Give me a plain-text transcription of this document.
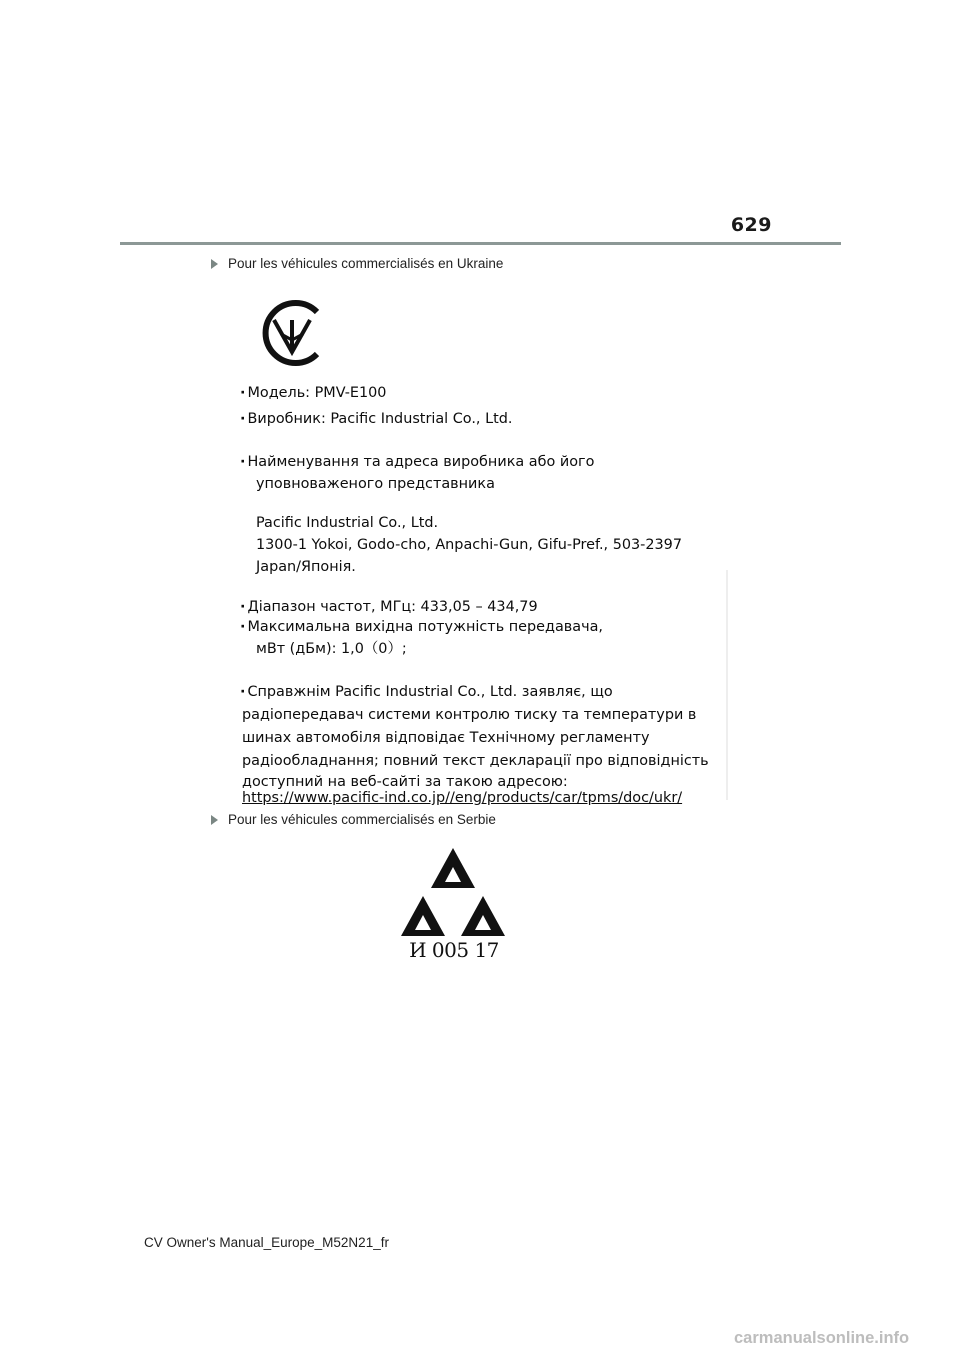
629
Pour les véhicules commercialisés en Ukraine
· Модель: PMV-E100
· Виробник: Pacific Industrial Co., Ltd.
· Найменування та адреса виробника або його
уповноваженого представника
Pacific Industrial Co., Ltd.
1300-1 Yokoi, Godo-cho, Anpachi-Gun, Gifu-Pref., 503-2397
Japan/Японія.
· Діапазон частот, МГц: 433,05 – 434,79
· Максимальна вихідна потужність передавача,
мВт (дБм): 1,0（0）;
· Справжнім Pacific Industrial Co., Ltd. заявляє, що
радіопередавач системи контролю тиску та температури в
шинах автомобіля відповідає Технічному регламенту
радіообладнання; повний текст декларації про відповідність
доступний на веб-сайті за такою адресою:
https://www.pacific-ind.co.jp//eng/products/car/tpms/doc/ukr/
Pour les véhicules commercialisés en Serbie
И 005 17
CV Owner's Manual_Europe_M52N21_fr
carmanualsonline.info
